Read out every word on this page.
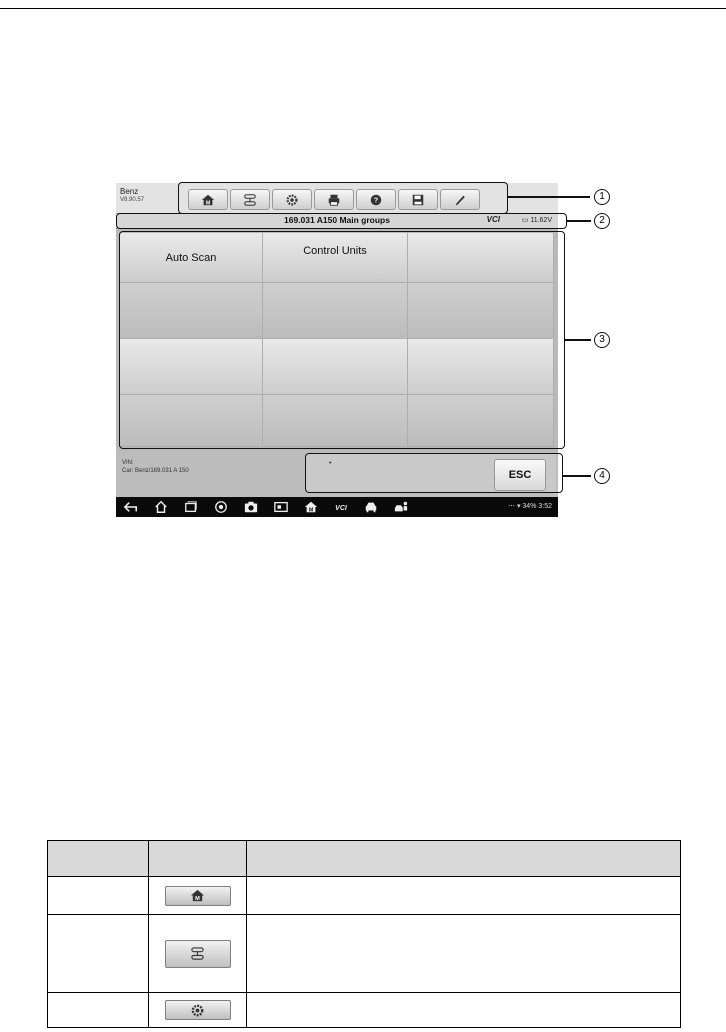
Benz
V8.90.57	M	?
169.031 A150 Main groups	VCI	▭ 11.62V
Auto Scan
Control Units
VIN:
Car: Benz/169.031 A 150
•
ESC
M VCI	⋯ ▾ 34% 3:52
1
2
3
4

M	
